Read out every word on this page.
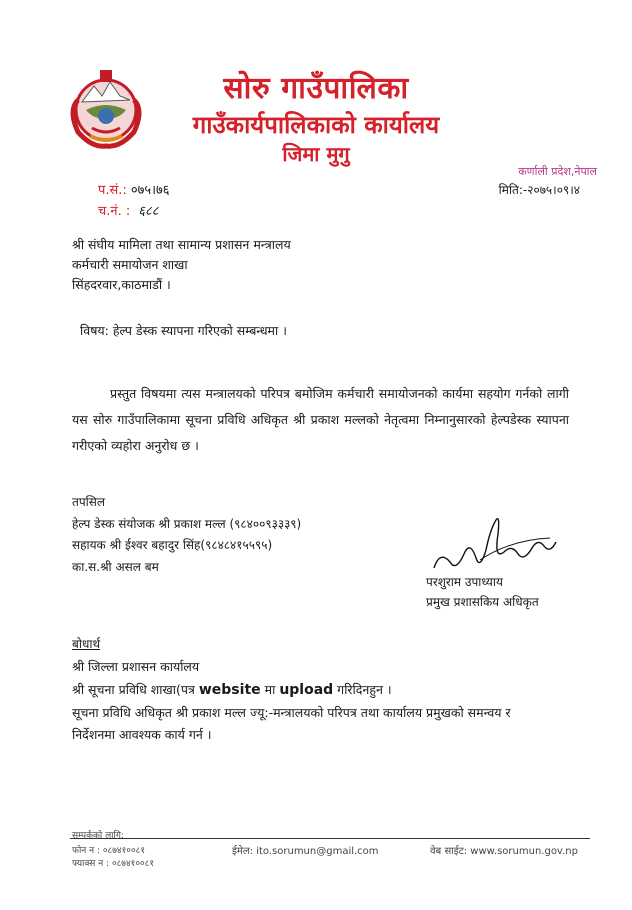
सोरु गाउँपालिका
गाउँकार्यपालिकाको कार्यालय
जिमा मुगु
कर्णाली प्रदेश,नेपाल
प.सं.: ०७५।७६
च.नं. : ६८८
मिति:-२०७५।०९।४
श्री संघीय मामिला तथा सामान्य प्रशासन मन्त्रालय
कर्मचारी समायोजन शाखा
सिंहदरवार,काठमाडौं ।
विषय: हेल्प डेस्क स्यापना गरिएको सम्बन्धमा ।
प्रस्तुत विषयमा त्यस मन्त्रालयको परिपत्र बमोजिम कर्मचारी समायोजनको कार्यमा सहयोग गर्नको लागी यस सोरु गाउँपालिकामा सूचना प्रविधि अधिकृत श्री प्रकाश मल्लको नेतृत्वमा निम्नानुसारको हेल्पडेस्क स्यापना गरीएको व्यहोरा अनुरोध छ ।
तपसिल
हेल्प डेस्क संयोजक श्री प्रकाश मल्ल (९८४००९३३३९)
सहायक श्री ईश्वर बहादुर सिंह(९८४८४१५५९५)
का.स.श्री असल बम
परशुराम उपाध्याय
प्रमुख प्रशासकिय अधिकृत
बोधार्थ
श्री जिल्ला प्रशासन कार्यालय
श्री सूचना प्रविधि शाखा(पत्र website मा upload गरिदिनहुन ।
सूचना प्रविधि अधिकृत श्री प्रकाश मल्ल ज्यू:-मन्त्रालयको परिपत्र तथा कार्यालय प्रमुखको समन्वय र
निर्देशनमा आवश्यक कार्य गर्न ।
सम्पर्कको लागि:
फोन न : ०८७४१००८१
फ्याक्स न : ०८७४१००८१
ईमेल: ito.sorumun@gmail.com	वेब साईट: www.sorumun.gov.np
